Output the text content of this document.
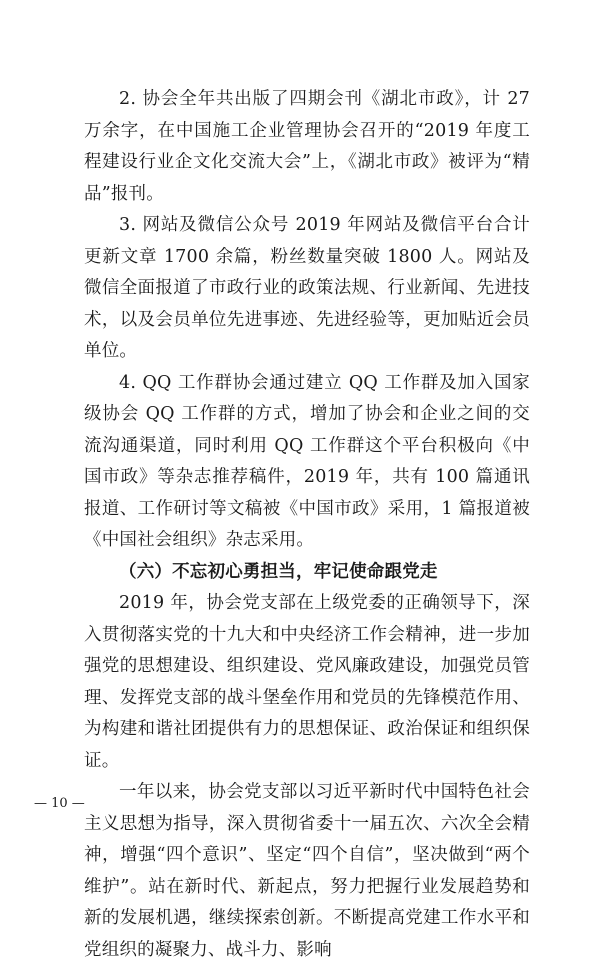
2. 协会全年共出版了四期会刊《湖北市政》，计 27 万余字，在中国施工企业管理协会召开的“2019 年度工程建设行业企文化交流大会”上，《湖北市政》被评为“精品”报刊。

3. 网站及微信公众号 2019 年网站及微信平台合计更新文章 1700 余篇，粉丝数量突破 1800 人。网站及微信全面报道了市政行业的政策法规、行业新闻、先进技术，以及会员单位先进事迹、先进经验等，更加贴近会员单位。

4. QQ 工作群协会通过建立 QQ 工作群及加入国家级协会 QQ 工作群的方式，增加了协会和企业之间的交流沟通渠道，同时利用 QQ 工作群这个平台积极向《中国市政》等杂志推荐稿件，2019 年，共有 100 篇通讯报道、工作研讨等文稿被《中国市政》采用，1 篇报道被《中国社会组织》杂志采用。

（六）不忘初心勇担当，牢记使命跟党走

2019 年，协会党支部在上级党委的正确领导下，深入贯彻落实党的十九大和中央经济工作会精神，进一步加强党的思想建设、组织建设、党风廉政建设，加强党员管理、发挥党支部的战斗堡垒作用和党员的先锋模范作用、为构建和谐社团提供有力的思想保证、政治保证和组织保证。

一年以来，协会党支部以习近平新时代中国特色社会主义思想为指导，深入贯彻省委十一届五次、六次全会精神，增强“四个意识”、坚定“四个自信”，坚决做到“两个维护”。站在新时代、新起点，努力把握行业发展趋势和新的发展机遇，继续探索创新。不断提高党建工作水平和党组织的凝聚力、战斗力、影响

— 10 —
